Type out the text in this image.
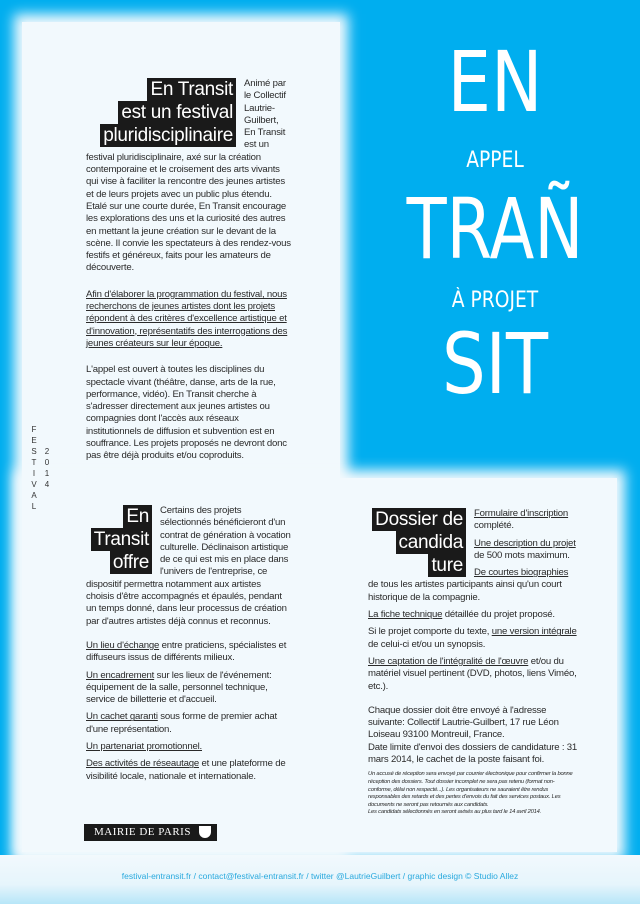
EN
APPEL
TRAÑ
À PROJET
SIT
F
E
S
T
I
V
A
L
2
0
1
4
En Transit
est un festival
pluridisciplinaire

Animé par le Collectif Lautrie-Guilbert, En Transit est un festival pluridisciplinaire, axé sur la création contemporaine et le croisement des arts vivants qui vise à faciliter la rencontre des jeunes artistes et de leurs projets avec un public plus étendu. Etalé sur une courte durée, En Transit encourage les explorations des uns et la curiosité des autres en mettant la jeune création sur le devant de la scène. Il convie les spectateurs à des rendez-vous festifs et généreux, faits pour les amateurs de découverte.

Afin d'élaborer la programmation du festival, nous recherchons de jeunes artistes dont les projets répondent à des critères d'excellence artistique et d'innovation, représentatifs des interrogations des jeunes créateurs sur leur époque.

L'appel est ouvert à toutes les disciplines du spectacle vivant (théâtre, danse, arts de la rue, performance, vidéo). En Transit cherche à s'adresser directement aux jeunes artistes ou compagnies dont l'accès aux réseaux institutionnels de diffusion et subvention est en souffrance. Les projets proposés ne devront donc pas être déjà produits et/ou coproduits.

En
Transit
offre

Certains des projets sélectionnés bénéficieront d'un contrat de génération à vocation culturelle. Déclinaison artistique de ce qui est mis en place dans l'univers de l'entreprise, ce dispositif permettra notamment aux artistes choisis d'être accompagnés et épaulés, pendant un temps donné, dans leur processus de création par d'autres artistes déjà connus et reconnus.

Un lieu d'échange entre praticiens, spécialistes et diffuseurs issus de différents milieux.

Un encadrement sur les lieux de l'événement: équipement de la salle, personnel technique, service de billetterie et d'accueil.

Un cachet garanti sous forme de premier achat d'une représentation.

Un partenariat promotionnel.

Des activités de réseautage et une plateforme de visibilité locale, nationale et internationale.

MAIRIE DE PARIS
Dossier de
candida
ture

Formulaire d'inscription complété.

Une description du projet de 500 mots maximum.

De courtes biographies de tous les artistes participants ainsi qu'un court historique de la compagnie.

La fiche technique détaillée du projet proposé.

Si le projet comporte du texte, une version intégrale de celui-ci et/ou un synopsis.

Une captation de l'intégralité de l'œuvre et/ou du matériel visuel pertinent (DVD, photos, liens Viméo, etc.).

Chaque dossier doit être envoyé à l'adresse suivante: Collectif Lautrie-Guilbert, 17 rue Léon Loiseau 93100 Montreuil, France.

Date limite d'envoi des dossiers de candidature : 31 mars 2014, le cachet de la poste faisant foi.

Un accusé de réception sera envoyé par courrier électronique pour confirmer la bonne réception des dossiers. Tout dossier incomplet ne sera pas retenu (format non-conforme, délai non respecté...). Les organisateurs ne sauraient être rendus responsables des retards et des pertes d'envois du fait des services postaux. Les documents ne seront pas retournés aux candidats.

Les candidats sélectionnés en seront avisés au plus tard le 14 avril 2014.

festival-entransit.fr / contact@festival-entransit.fr / twitter @LautrieGuilbert / graphic design © Studio Allez
